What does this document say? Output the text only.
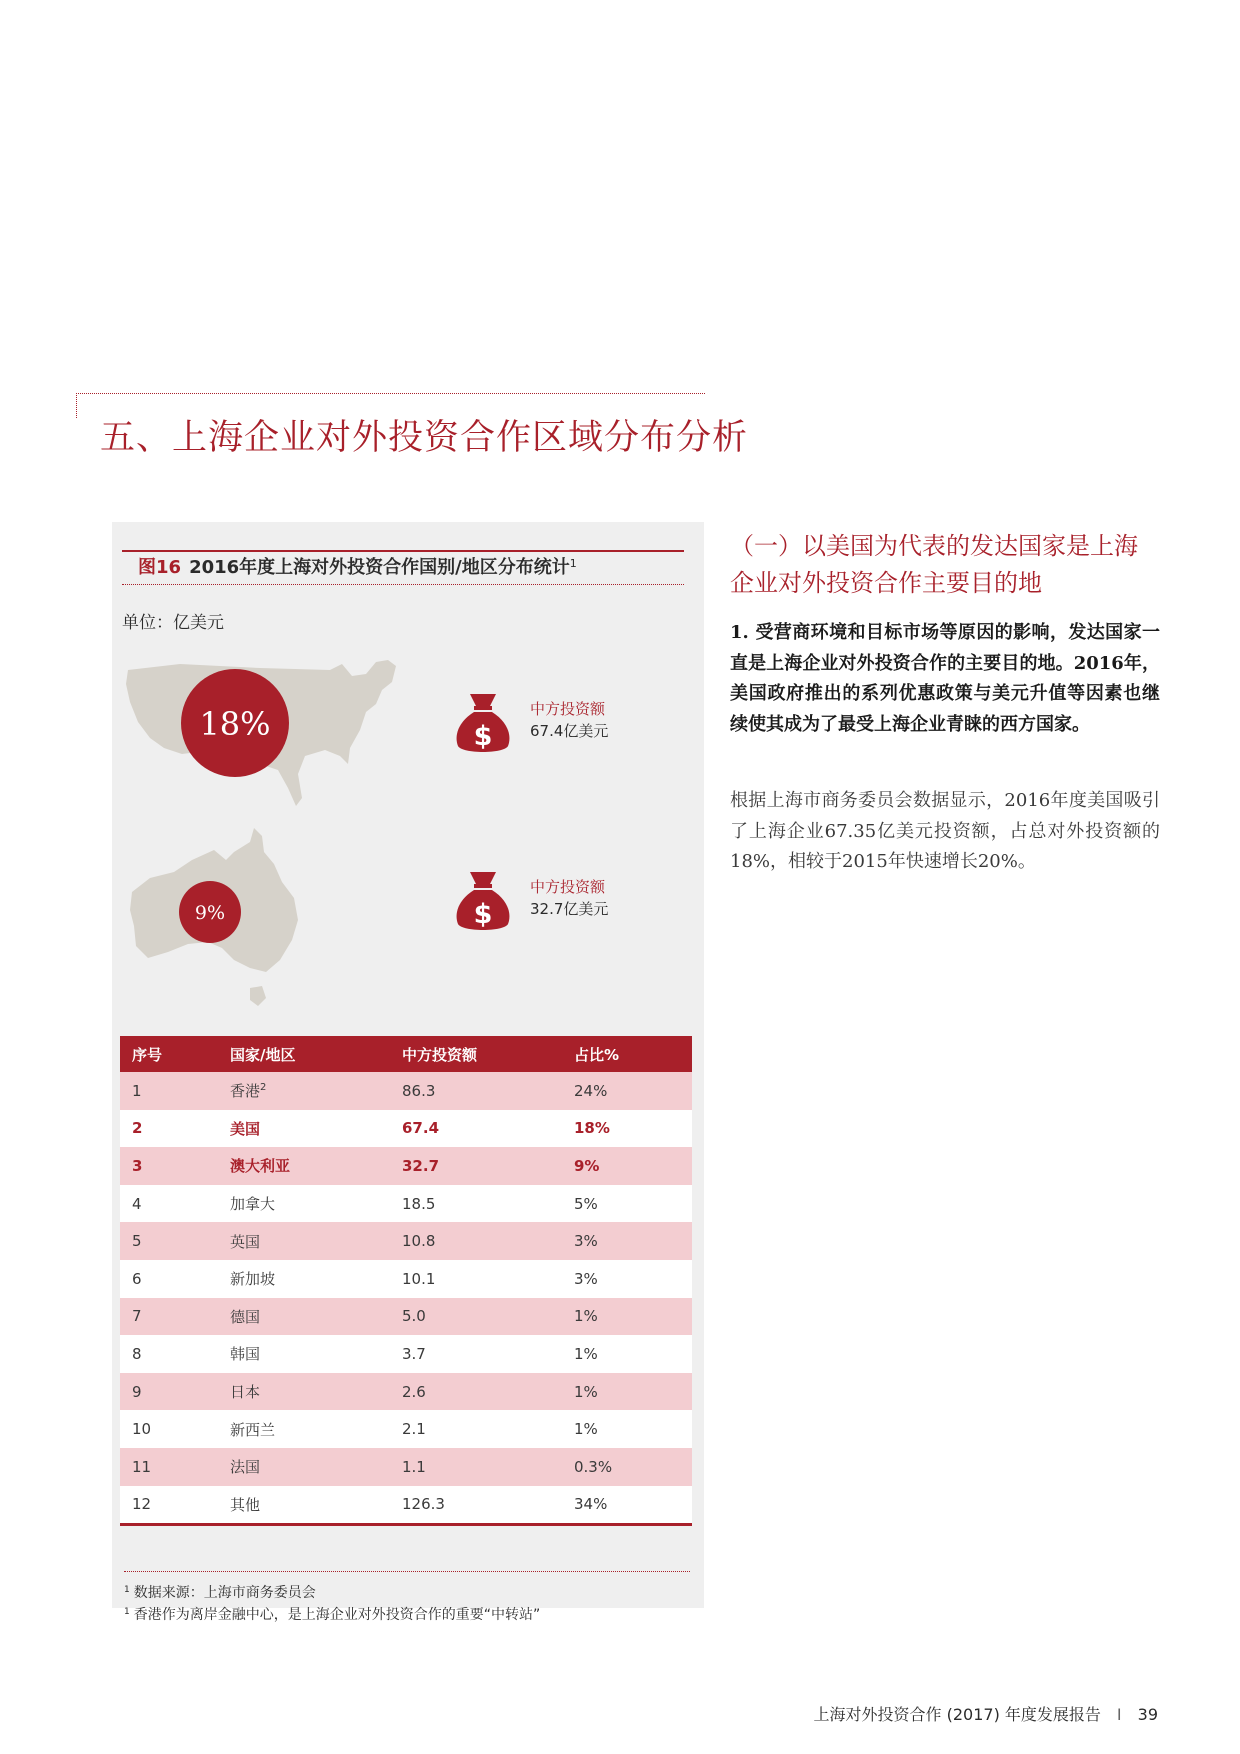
五、上海企业对外投资合作区域分布分析
图16 2016年度上海对外投资合作国别/地区分布统计$^1$
单位：亿美元
18%
9%
$
中方投资额
67.4亿美元
$
中方投资额
32.7亿美元
序号	国家/地区	中方投资额	占比%
1	香港$^2$	86.3	24%
2	美国	67.4	18%
3	澳大利亚	32.7	9%
4	加拿大	18.5	5%
5	英国	10.8	3%
6	新加坡	10.1	3%
7	德国	5.0	1%
8	韩国	3.7	1%
9	日本	2.6	1%
10	新西兰	2.1	1%
11	法国	1.1	0.3%
12	其他	126.3	34%
$^1$ 数据来源：上海市商务委员会
$^1$ 香港作为离岸金融中心，是上海企业对外投资合作的重要“中转站”
（一）以美国为代表的发达国家是上海企业对外投资合作主要目的地

1. 受营商环境和目标市场等原因的影响，发达国家一直是上海企业对外投资合作的主要目的地。2016年，美国政府推出的系列优惠政策与美元升值等因素也继续使其成为了最受上海企业青睐的西方国家。

根据上海市商务委员会数据显示，2016年度美国吸引了上海企业67.35亿美元投资额，占总对外投资额的18%，相较于2015年快速增长20%。

上海对外投资合作 (2017) 年度发展报告 I 39
